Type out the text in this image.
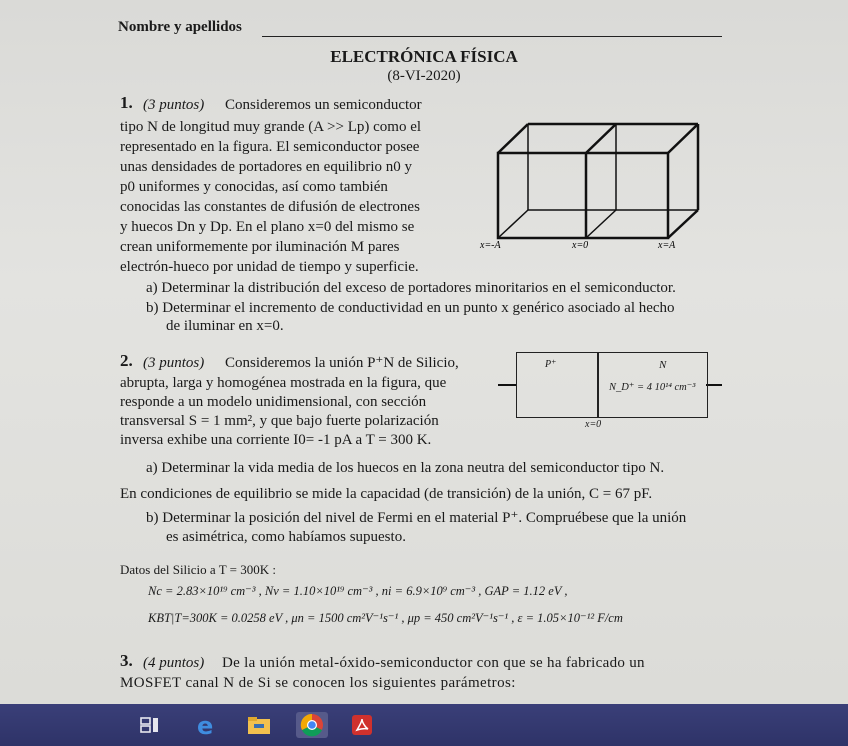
Nombre y apellidos
ELECTRÓNICA FÍSICA
(8-VI-2020)
1. (3 puntos) Consideremos un semiconductor
tipo N de longitud muy grande (A >> Lp) como el
representado en la figura. El semiconductor posee
unas densidades de portadores en equilibrio n0 y
p0 uniformes y conocidas, así como también
conocidas las constantes de difusión de electrones
y huecos Dn y Dp. En el plano x=0 del mismo se
crean uniformemente por iluminación M pares
electrón-hueco por unidad de tiempo y superficie.
x=-A	x=0	x=A
a) Determinar la distribución del exceso de portadores minoritarios en el semiconductor.
b) Determinar el incremento de conductividad en un punto x genérico asociado al hecho
de iluminar en x=0.
2. (3 puntos) Consideremos la unión P⁺N de Silicio,
abrupta, larga y homogénea mostrada en la figura, que
responde a un modelo unidimensional, con sección
transversal S = 1 mm², y que bajo fuerte polarización
inversa exhibe una corriente I0= -1 pA a T = 300 K.
P⁺	N
N_D⁺ = 4 10¹⁴ cm⁻³
x=0
a) Determinar la vida media de los huecos en la zona neutra del semiconductor tipo N.
En condiciones de equilibrio se mide la capacidad (de transición) de la unión, C = 67 pF.
b) Determinar la posición del nivel de Fermi en el material P⁺. Compruébese que la unión
es asimétrica, como habíamos supuesto.
Datos del Silicio a T = 300K :
Nc = 2.83×10¹⁹ cm⁻³ , Nv = 1.10×10¹⁹ cm⁻³ , ni = 6.9×10⁹ cm⁻³ , GAP = 1.12 eV ,
KBT|T=300K = 0.0258 eV , μn = 1500 cm²V⁻¹s⁻¹ , μp = 450 cm²V⁻¹s⁻¹ , ε = 1.05×10⁻¹² F/cm
3. (4 puntos) De la unión metal-óxido-semiconductor con que se ha fabricado un
MOSFET canal N de Si se conocen los siguientes parámetros:
e
